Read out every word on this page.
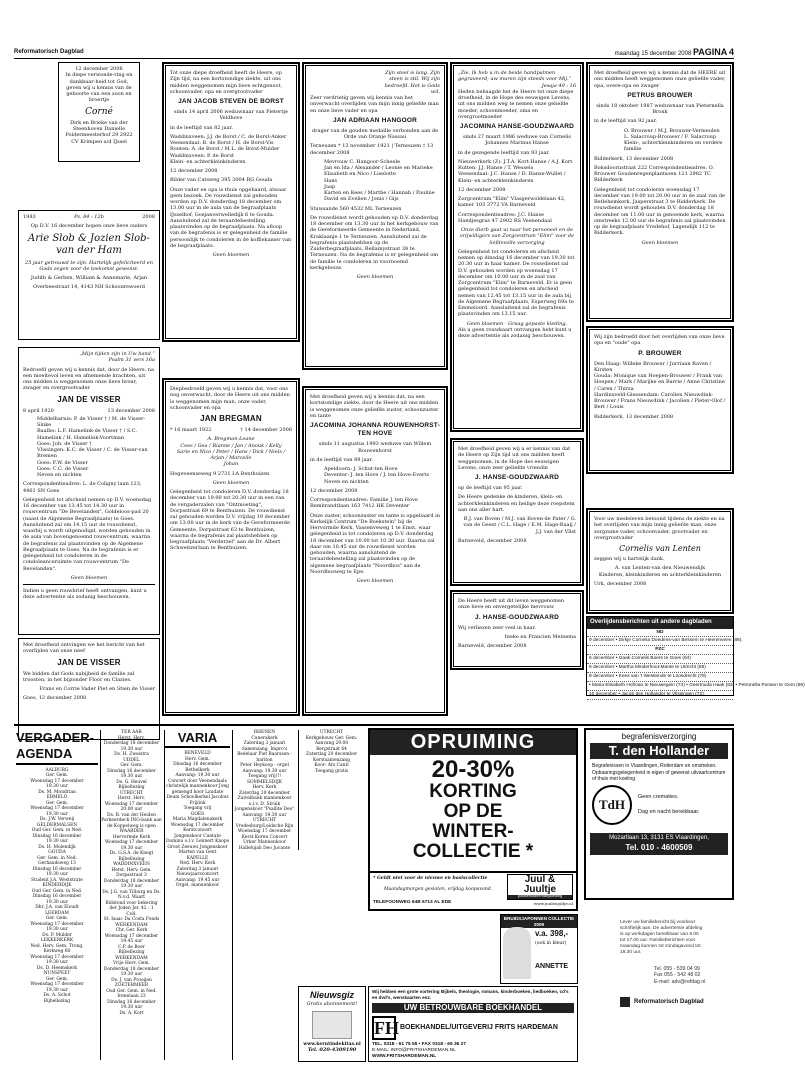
Reformatorisch Dagblad	maandag 15 december 2008 PAGINA 4
12 december 2008

In diepe verwonde-ring en dankbaar-heid tot God, geven wij u kennis van de geboorte van een zoon en broertje

Corné

Dirk en Brieke van der Steenhoven Danielle Poldermeesterhof 29 2922 CV Krimpen a/d IJssel

1983	Ps. 84 : 12b	2008

Op D.V. 16 december hopen onze lieve ouders

Arie Slob & Jozien Slob-van der Ham

25 jaar getrouwd te zijn. Hartelijk gefeliciteerd en Gods zegen voor de toekomst gewenst.

Judith & Gerben, William & Annemarie, Arjan

Overbeestraat 14, 4143 NH Schoonrewoerd

„Mijn tijden zijn in Uw hand.”
Psalm 31 vers 16a

Bedroefd geven wij u kennis dat, door de Heere, na een moeitevol leven en afnemende krachten, uit ons midden is weggenomen onze lieve broer, zwager en overgrootvader

JAN DE VISSER
8 april 1920	13 december 2008

Middelharnis: P. de Visser † / M. de Visser-Sinke
Baalbo: L.F. Hamelink-de Visser † / S.C. Hamelink / H. Hamelink-Voortman
Goes: Joh. de Visser †
Vlissingen: K.C. de Visser / C. de Visser-van Bremen
Goes: F.W. de Visser
Goes: C.C. de Visser
Neven en nichten

Correspondentieadres: L. de Coligny laan 123, 4461 SN Goes

Gelegenheid tot afscheid nemen op D.V. woensdag 16 december van 13.45 tot 14.30 uur in rouwcentrum "De Bevelanden", Goldeloos-pad 20 (naast de Algemene Begraafplaats) te Goes. Aansluitend zal om 14.15 uur de rouwdienst, waarbij u wordt uitgenodigd, worden gehouden in de aula van bovengenoemd rouwcentrum, waarna de begrafenis zal plaatsvinden op de Algemene Begraafplaats te Goes. Na de begrafenis is er gelegenheid tot condoleren in de condoleanceruimte van rouwcentrum "De Bevelanden".

Geen bloemen

Indien u geen rouwbrief heeft ontvangen, kunt u deze advertentie als zodanig beschouwen.

Met droefheid ontvingen we het bericht van het overlijden van onze neef

JAN DE VISSER

We bidden dat Gods nabijheid de familie zal troosten, in het bijzonder Floor en Claziеs.

Frans en Corrie Vader Piet en Stien de Visser

Goes, 12 december 2008

Tot onze diepe droefheid heeft de Heere, op Zijn tijd, na een kortstondige ziekte, uit ons midden weggenomen mijn lieve echtgenoot, schoonvader, opa en overgrootvader

JAN JACOB STEVEN DE BORST

sinds 14 april 2006 weduwnaar van Pietertje Veldhove

in de leeftijd van 82 jaar.

Waddinxveen: J.J. de Borst / C. de Borst-Anker
Veenendaal: B. de Borst / H. de Borst-Vis
Routen: A. de Borst / M.L. de Borst-Mulder
Waddinxveen: P. de Borst
Klein- en achterkleinkinderen

12 december 2008

Bilder van Catsweg 395 3004 RG Gouda

Onze vader en opa is thuis opgebaard, alwaar geen bezoek. De rouwdienst zal gehouden worden op D.V. donderdag 18 december om 13.00 uur in de aula van de begraafplaats IJsselhof, Goejanverwelledijk 6 te Gouda. Aansluitend zal de teraardebestelling plaatsvinden op de begraafplaats. Na afloop van de begrafenis is er gelegenheid de familie persoonlijk te condoleren in de koffiekamer van de begraafplaats.

Geen bloemen

Diepbedroefd geven wij u kennis dat, voor ons nog onverwacht, door de Heere uit ons midden is weggenomen mijn man, onze vader, schoonvader en opa

JAN BREGMAN
* 16 maart 1922	† 14 december 2008

A. Bregman-Leane
Cees / Gea / Rianne / Jan / Anouk / Kelly
Sarie en Nico / Peter / Hans / Dick / Niels / Arjan / Marcelle
Johan

Hogeveenseweg 9 2731 LA Benthuizen

Geen bloemen

Gelegenheid tot condoleren D.V. donderdag 18 december van 19.00 tot 20.30 uur in een van de vergaderzalen van "Ontmoeting", Dorpsstraat 69 te Benthuizen. De rouwdienst zal gehouden worden D.V. vrijdag 19 december om 13.00 uur in de kerk van de Gereformeerde Gemeente, Dorpsstraat 63 te Benthuizen, waarna de begrafenis zal plaatshebben op begraafplaats "Verderzel" aan de Dr. Albert Schweitzerlaan te Benthuizen.

Zijn steel is lang. Zijn steen is stil. Wij zijn bedroefd. Het is Gods wil.

Zeer verdrietig geven wij kennis van het onverwacht overlijden van mijn innig geliefde man en onze lieve vader en opa

JAN ADRIAAN HANGOOR

drager van de gouden medaille verbonden aan de Orde van Oranje Nassau

Terneuzen * 13 november 1921 | Terneuzen † 13 december 2008

Mevrouw C. Hangoor-Scheele
Jan en Ida / Alexander / Leonie en Marieke
Elisabeth en Nico / Liselotte
Hans
Jaap
Karten en Kees / Marthe / Hannah / Pauline
David en Evelien / Jonis / Gijs

Stuwsande 560 4532 ML Terneuzen

De rouwdienst wordt gehouden op D.V. donderdag 18 december om 13.30 uur in het kerkgebouw van de Gereformeerde Gemeente in Nederland, Kraklaanje 1 te Terneuzen. Aansluitend zal de begrafenis plaatshebben op de Zuiderbegraafplaats, Bellamystraat 38 te Terneuzen. Na de begrafenis is er gelegenheid om de familie te condoleren in voornoemd kerkgebouw.

Geen bloemen

Met droefheid geven wij u kennis dat, na een kortstondige ziekte, door de Heere uit ons midden is weggenomen onze geliefde zuster, schoonzuster en tante

JACOMINA JOHANNA ROUWENHORST-TEN HOVE

sinds 11 augustus 1993 weduwe van Willem Rouwenhorst

in de leeftijd van 89 jaar.

Apeldoorn: J. Schut-ten Hove
Deventer: J. ten Hove / J. ten Hove-Everts
Neven en nichten

12 december 2008

Correspondentieadres: Familie J. ten Hove Rembrandtlaan 163 7412 HK Deventer

Onze zuster, schoonzuster en tante is opgebaard in Kerkelijk Centrum "De Boekstein" bij de Hervormde Kerk, Vassenveweg 1 te Emst, waar gelegenheid is tot condoleren op D.V. donderdag 18 december van 10.00 tot 10.30 uur. Daarna zal daar om 10.45 uur de rouwdienst worden gehouden, waarna aansluitend de teraardebestelling zal plaatsvinden op de algemene begraafplaats "Noordbos" aan de Noordbosweg te Epe.

Geen bloemen
„Zie, Ik heb u in de beide handpalmen gegraveerd; uw muren zijn steeds voor Mij.”
Jesaja 49 : 16

Heden behaagde het de Heere tot onze diepe droefheid, in de Hope des eeuwigen Levens, uit ons midden weg te nemen onze geliefde moeder, schoonmoeder, oma en overgrootmoeder

JACOMINA HANSE-GOUDZWAARD

sinds 27 maart 1986 weduwe van Cornelis Johannes Marinus Hanse

in de gezegende leeftijd van 93 jaar.

Nieuwerkerk (Z): J.T.A. Kort-Hanse / A.J. Kort
Rutten: J.J. Hanse / T. Wessels
Veenendaal: J.C. Hanse / D. Hanse-Wullet / Klein- en achterkleinkinderen

12 december 2008

Zorgcentrum "Elim" Vlasgerwoldelaan 42, kamer 103 3772 VA Barneveld

Correspondentieadres: J.C. Hanse Handjesgras 47 2902 RS Veenendaal

Onze dierb gaat ui naar het personeel en de vrijwilligers van Zorgcentrum "Elim" voor de liefdevolle verzorging

Gelegenheid tot condoleren en afscheid nemen op dinsdag 16 december van 19.30 tot 20.30 uur in haar kamer. De rouwdienst zal D.V. gehouden worden op woensdag 17 december om 10.00 uur in de zaal van Zorgcentrum "Elim" te Barneveld. Er is geen gelegenheid tot condoleren en afscheid nemen van 12.45 tot 13.15 uur in de aula bij de Algemene Begraafplaats, Esperweg 69a te Emmeloord. Aansluitend zal de begrafenis plaatsvinden om 13.15 uur.

Geen bloemen - Graag gepaste kleding.

Als u geen rouwkaart ontvangen hebt kunt u deze advertentie als zodanig beschouwen.

Met droefheid geven wij u er kennis van dat de Heere op Zijn tijd uit ons midden heeft weggenomen, in de Hope des eeuwigen Levens, onze zeer geliefde vriendin

J. HANSE-GOUDZWAARD

op de leeftijd van 95 jaar.

De Heere gedenke de kinderen, klein- en achterkleinkinderen en heilige deze roepstem aan ons aller hart.

B.J. van Boven / M.J. van Boven-de Pater / G. van de Geest / C.L. Hage / E.M. Hage-Baaij / J.J. van der Vlist

Barneveld, december 2008

De Heere heeft uit dit leven weggenomen onze lieve en onvergetelijke mevrouw

J. HANSE-GOUDZWAARD

Wij verliezen zeer veel in haar.

Ineke en Francien Meinema

Barneveld, december 2008

Met droefheid geven wij u kennis dat de HEERE uit ons midden heeft weggenomen onze geliefde vader, opa, overe-opa en zwager

PETRUS BROUWER

sinds 18 oktober 1987 weduwnaar van Pieternella Bronk

in de leeftijd van 92 jaar.

O. Brouwer / M.J. Brouwer-Vermeulen
L. Salacroup-Brouwer / F. Salacroup
Klein-, achterkleinkinderen en verdere familie

Ridderkerk, 13 december 2008

Boksdoornstraat 222 Correspondentieadres: O. Brouwer Goudenregenplantsoen 121 2982 TC Ridderkerk

Gelegenheid tot condoleren woensdag 17 december van 19.00 tot 20.00 uur in de zaal van de Betlehemkerk, Jasperstraat 3 te Ridderkerk. De rouwdienst wordt gehouden D.V. donderdag 18 december om 11.00 uur in genoemde kerk, waarna omstreeks 12.00 uur de begrafenis zal plaatsvinden op de begraafplaats Vredehof, Lagendijk 112 te Ridderkerk.

Geen bloemen

Wij zijn bedroefd door het overlijden van onze lieve opa en "oude" opa

P. BROUWER

Den Haag: Willeke Brouwer / Jurriaan Raven / Kirsten
Gouda: Monique van Hoepen-Brouwer / Frank van Hoepen / Mark / Marijke en Barrie / Anne Christine / Caren / Thirza
Hardinxveld-Giessendam: Carolien Nieuwdink-Brouwer / Frans Nieuwdink / Jacolien / Pieter-Olof / Bert / Louis

Ridderkerk, 13 december 2008

Voor uw medeleven betoond tijdens de ziekte en na het overlijden van mijn innig geliefde man, onze zorgzame vader, schoonvader, grootvader en overgrootvader

Cornelis van Lenten

zeggen wij u hartelijk dank.

A. van Lenten-van den Nieuwendijk
Kinderen, kleinkinderen en achterkleinkinderen

Urk, december 2008

Overlijdensberichten uit andere dagbladen
ND
9 december • Dirkje Cornelia Doedens-van Bessem te Heerenveen (88).
PZC
6 december • Izaak Cornelis Boers te Goes (84)
6 december • Martha Minderhout-Mante te Utrecht (85)
9 december • Kees van 't Westeinde te Loosdrecht (78)
• Maria Elisabeth Hofman te Nieuwegein (74) • Geertruida Haak (83) • Petronella Ponsen te Gent (69)
10 december • Jacob den Hollander te Vlissingen (72).
VERGADER-
AGENDA
AALBURG
Ger. Gem.
Woensdag 17 december
19.30 uur
Ds. M. Mondrian
ERMELO
Ger. Gem.
Woensdag 17 december
19.30 uur
Ds. J.W. Verweij
GELDERMALSEN
Oud Ger. Gem. in Ned.
Dinsdag 16 december
19.30 uur
Ds. H. Molendijk
GOUDA
Ger. Gem. in Ned.
Gerhaudsweg 13
Dinsdag 16 december
19.30 uur
Student J.A. Weststrate
KINDERDIJK
Oud Ger. Gem. in Ned.
Dinsdag 16 december
19.30 uur
Dhr. J.A. van Eloudt
LEERDAM
Ger. Gem.
Woensdag 17 december
19.30 uur
Ds. P. Mulder
LEKKERKERK
Ned. Herv. Gem. Trong.
Kerkweg 60
Woensdag 17 december
19.30 uur
Ds. D. Heemskerk
NUNSPEET
Ger. Gem.
Woensdag 17 december
19.30 uur
Ds. A. Schot
Bijbellezing
TER AAR
Herst. Herv.
Donderdag 18 december
19.30 uur
Ds. H. Zweistra
UDDEL
Ger. Gem.
Dinsdag 16 december
19.30 uur
Ds. G. Heuvel
Bijbellezing
UTRECHT
Herst. Herv.
Woensdag 17 december
20.00 uur
Ds. B. van der Heiden
Parkeerdeck ING-bank aan de Koppelweg is open
WAARDER
Hervormde Kerk
Woensdag 17 december
19.30 uur
Ds. G.S.A. de Knegt
Bijbellezing
WADDINXVEEN
Herst. Herv. Gem.
Dorpsstraat 3
Donderdag 18 december
19.30 uur
Ds. J.G. van Tilburg en Ds. N.v.d. Waart
Bidstond voor bekering der Joden Jer. 42 : 1
Coll.
St. Isaac Da Costa Fonds
WERKENDAM
Chr. Ger. Kerk
Woensdag 17 december
19.45 uur
C.P. de Boer
Bijbellezing
WERKENDAM
Vrije Herv. Gem.
Donderdag 18 december
19.30 uur
Ds. J. van Prooijen
ZOETERMEER
Oud Ger. Gem. in Ned.
Irenelaan 23
Dinsdag 16 december
19.30 uur
Ds. A. Kort
VARIA
BENEVELD
Herv. Gem.
Dinsdag 16 december
Bethelkerk
Aanvang: 19.30 uur
Concert door Veenendaals christelijk mannenkoor Jong gemengd koor Laudate Deum Schoolkerkel Jacobus Frijlink
Toegang vrij
GOES
Maria Magdalenakerk
Woensdag 17 december
Kerstconcert
Jongenskoor Cantate Domino o.l.v. Lennert Knops
Groot Zeeuws Jongenskoor
Marten van Gent
KAPELLE
Ned. Herv. Kerk
Zaterdag 3 januari
Nieuwjaarsconcert
Aanvang: 19.45 uur
Orgel, mannenkoor
RHENEN
Cunerakerk
Zaterdag 3 januari
Samenzang, Impro's
Bedelaar Piet Baarssen - bariton
Peter Heykoop - orgel
Aanvang: 19.30 uur
Toegang vrij!!!
SOMMELSDIJK
Herv. Kerk
Zaterdag 20 december
Zuivelbank mannenkoor
o.l.v. D. Struik
Jongenskoor "Psallite Deo"
Aanvang: 19.30 uur
UTRECHT
Vredesburg/Leidsche Rijn
Woensdag 17 december
Kerst Koren Concert
Urker Mannenkoor Hallelujah Deo Juvante
UTRECHT
Kerkgebouw Ger. Gem.
Aanvang 20.00
Bergstraat 64
Zaterdag 20 december
Kerstsamenzang
Koor: Ars Canti
Toegang gratis
OPRUIMING
20-30%
KORTING
OP DE
WINTER-
COLLECTIE *
* Geldt niet voor de nieuwe en basiscollectie
Maandagmorgen gesloten, vrijdag koopavond.
TELEFOONWEG 64B 6713 AL EDE
Juul &
Juultje
positiemodeerbabykleding
www.juulenjultje.nl
BRUIDSJAPONNEN COLLECTIE 2009
v.a. 398,-
(ook in kleur)
ANNETTE
Wij hebben een grote sortering Bijbels, theologie, romans, kinderboeken, liedboeken, cd's en dvd's, wenskaarten enz.
UW BETROUWBARE BOEKHANDEL
FH BOEKHANDEL/UITGEVERIJ FRITS HARDEMAN
TEL. 0318 - 61 75 55 • FAX 0318 - 65 36 27
E-MAIL: INFO@FRITSHARDEMAN.NL
WWW.FRITSHARDEMAN.NL
Nieuwsgiz
Gratis abonnement!
www.kerntindekitas.nl
Tel. 020-4309190
begrafenisverzorging
T. den Hollander
Begrafenissen in Vlaardingen, Rotterdam en omstreken. Opbaaringsgelegenheid in eigen of gewenst uitvaartcentrum of thuis met koeling.
TdH	Geen crematies.
Dag en nacht bereikbaar.
Mozartlaan 13, 3131 ES Vlaardingen,
Tel. 010 - 4600509
Lever uw familiebericht bij voorkeur schriftelijk aan. De advertentie afdeling is op werkdagen bereikbaar van 8.00 tot 17.00 uur. Familieberichten voor maandag kunnen tot zondagavond tot 18.30 uur.
Tel. 055 - 539 04 99
Fax 055 - 542 48 02
E-mail: adv@refdag.nl
Reformatorisch Dagblad
